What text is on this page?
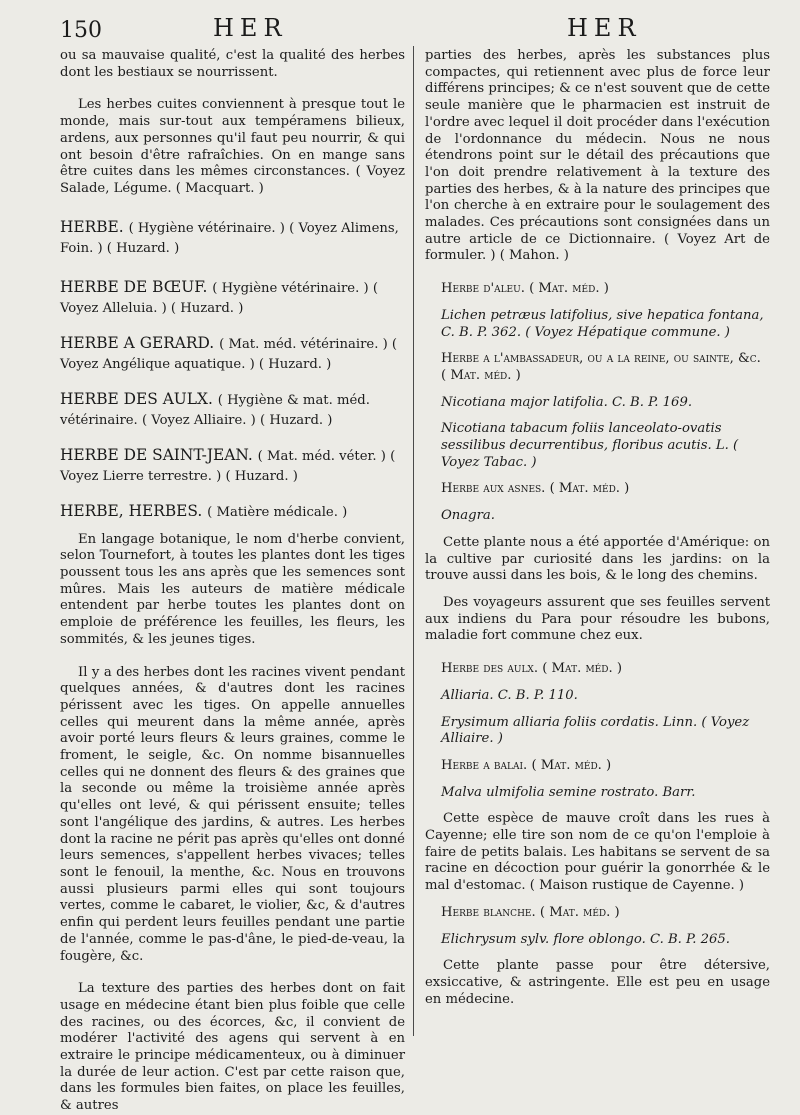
150	HER	HER

ou sa mauvaise qualité, c'est la qualité des herbes dont les bestiaux se nourrissent.

Les herbes cuites conviennent à presque tout le monde, mais sur-tout aux tempéramens bilieux, ardens, aux personnes qu'il faut peu nourrir, & qui ont besoin d'être rafraîchies. On en mange sans être cuites dans les mêmes circonstances. ( Voyez Salade, Légume. ( Macquart. )

HERBE. ( Hygiène vétérinaire. ) ( Voyez Alimens, Foin. ) ( Huzard. )

HERBE DE BŒUF. ( Hygiène vétérinaire. ) ( Voyez Alleluia. ) ( Huzard. )

HERBE A GERARD. ( Mat. méd. vétérinaire. ) ( Voyez Angélique aquatique. ) ( Huzard. )

HERBE DES AULX. ( Hygiène & mat. méd. vétérinaire. ( Voyez Alliaire. ) ( Huzard. )

HERBE DE SAINT-JEAN. ( Mat. méd. véter. ) ( Voyez Lierre terrestre. ) ( Huzard. )

HERBE, HERBES. ( Matière médicale. )

En langage botanique, le nom d'herbe convient, selon Tournefort, à toutes les plantes dont les tiges poussent tous les ans après que les semences sont mûres. Mais les auteurs de matière médicale entendent par herbe toutes les plantes dont on emploie de préférence les feuilles, les fleurs, les sommités, & les jeunes tiges.

Il y a des herbes dont les racines vivent pendant quelques années, & d'autres dont les racines périssent avec les tiges. On appelle annuelles celles qui meurent dans la même année, après avoir porté leurs fleurs & leurs graines, comme le froment, le seigle, &c. On nomme bisannuelles celles qui ne donnent des fleurs & des graines que la seconde ou même la troisième année après qu'elles ont levé, & qui périssent ensuite; telles sont l'angélique des jardins, & autres. Les herbes dont la racine ne périt pas après qu'elles ont donné leurs semences, s'appellent herbes vivaces; telles sont le fenouil, la menthe, &c. Nous en trouvons aussi plusieurs parmi elles qui sont toujours vertes, comme le cabaret, le violier, &c, & d'autres enfin qui perdent leurs feuilles pendant une partie de l'année, comme le pas-d'âne, le pied-de-veau, la fougère, &c.

La texture des parties des herbes dont on fait usage en médecine étant bien plus foible que celle des racines, ou des écorces, &c, il convient de modérer l'activité des agens qui servent à en extraire le principe médicamenteux, ou à diminuer la durée de leur action. C'est par cette raison que, dans les formules bien faites, on place les feuilles, & autres

parties des herbes, après les substances plus compactes, qui retiennent avec plus de force leur différens principes; & ce n'est souvent que de cette seule manière que le pharmacien est instruit de l'ordre avec lequel il doit procéder dans l'exécution de l'ordonnance du médecin. Nous ne nous étendrons point sur le détail des précautions que l'on doit prendre relativement à la texture des parties des herbes, & à la nature des principes que l'on cherche à en extraire pour le soulagement des malades. Ces précautions sont consignées dans un autre article de ce Dictionnaire. ( Voyez Art de formuler. ) ( Mahon. )

Herbe d'aleu. ( Mat. méd. )

Lichen petræus latifolius, sive hepatica fontana, C. B. P. 362. ( Voyez Hépatique commune. )

Herbe a l'ambassadeur, ou a la reine, ou sainte, &c. ( Mat. méd. )

Nicotiana major latifolia. C. B. P. 169.

Nicotiana tabacum foliis lanceolato-ovatis sessilibus decurrentibus, floribus acutis. L. ( Voyez Tabac. )

Herbe aux asnes. ( Mat. méd. )

Onagra.

Cette plante nous a été apportée d'Amérique: on la cultive par curiosité dans les jardins: on la trouve aussi dans les bois, & le long des chemins.

Des voyageurs assurent que ses feuilles servent aux indiens du Para pour résoudre les bubons, maladie fort commune chez eux.

Herbe des aulx. ( Mat. méd. )

Alliaria. C. B. P. 110.

Erysimum alliaria foliis cordatis. Linn. ( Voyez Alliaire. )

Herbe a balai. ( Mat. méd. )

Malva ulmifolia semine rostrato. Barr.

Cette espèce de mauve croît dans les rues à Cayenne; elle tire son nom de ce qu'on l'emploie à faire de petits balais. Les habitans se servent de sa racine en décoction pour guérir la gonorrhée & le mal d'estomac. ( Maison rustique de Cayenne. )

Herbe blanche. ( Mat. méd. )

Elichrysum sylv. flore oblongo. C. B. P. 265.

Cette plante passe pour être détersive, exsiccative, & astringente. Elle est peu en usage en médecine.
